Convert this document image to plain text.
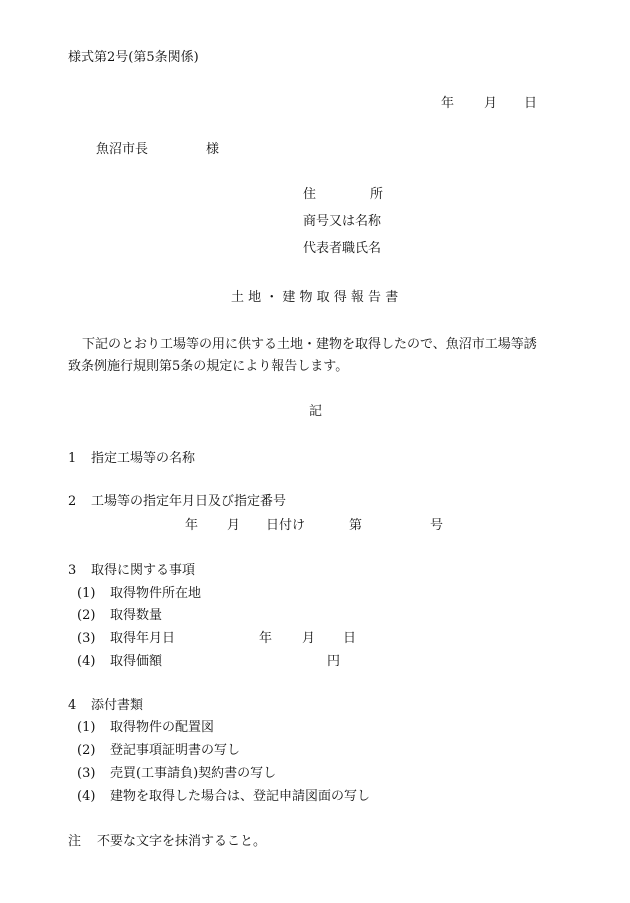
様式第2号(第5条関係)
年 月 日
魚沼市長	様
住	所
商号又は名称
代表者職氏名
土 地 ・ 建 物 取 得 報 告 書
下記のとおり工場等の用に供する土地・建物を取得したので、魚沼市工場等誘
致条例施行規則第5条の規定により報告します。
記
1 指定工場等の名称
2 工場等の指定年月日及び指定番号
年 月 日付け	第	号
3 取得に関する事項
(1) 取得物件所在地
(2) 取得数量
(3) 取得年月日	年 月 日
(4) 取得価額	円
4 添付書類
(1) 取得物件の配置図
(2) 登記事項証明書の写し
(3) 売買(工事請負)契約書の写し
(4) 建物を取得した場合は、登記申請図面の写し
注 不要な文字を抹消すること。
